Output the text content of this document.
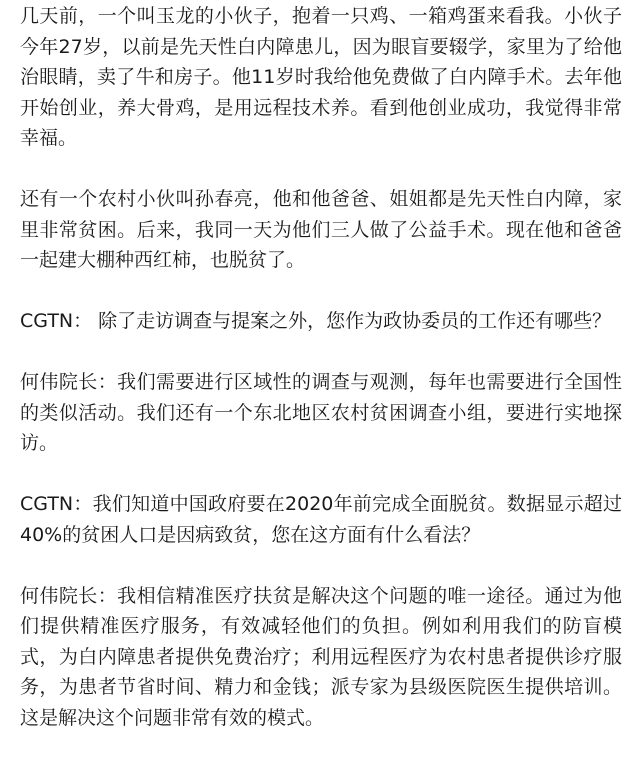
几天前，一个叫玉龙的小伙子，抱着一只鸡、一箱鸡蛋来看我。小伙子今年27岁，以前是先天性白内障患儿，因为眼盲要辍学，家里为了给他治眼睛，卖了牛和房子。他11岁时我给他免费做了白内障手术。去年他开始创业，养大骨鸡，是用远程技术养。看到他创业成功，我觉得非常幸福。

还有一个农村小伙叫孙春亮，他和他爸爸、姐姐都是先天性白内障，家里非常贫困。后来，我同一天为他们三人做了公益手术。现在他和爸爸一起建大棚种西红柿，也脱贫了。

CGTN： 除了走访调查与提案之外，您作为政协委员的工作还有哪些？

何伟院长：我们需要进行区域性的调查与观测，每年也需要进行全国性的类似活动。我们还有一个东北地区农村贫困调查小组，要进行实地探访。

CGTN：我们知道中国政府要在2020年前完成全面脱贫。数据显示超过40%的贫困人口是因病致贫，您在这方面有什么看法？

何伟院长：我相信精准医疗扶贫是解决这个问题的唯一途径。通过为他们提供精准医疗服务，有效减轻他们的负担。例如利用我们的防盲模式，为白内障患者提供免费治疗；利用远程医疗为农村患者提供诊疗服务，为患者节省时间、精力和金钱；派专家为县级医院医生提供培训。这是解决这个问题非常有效的模式。
